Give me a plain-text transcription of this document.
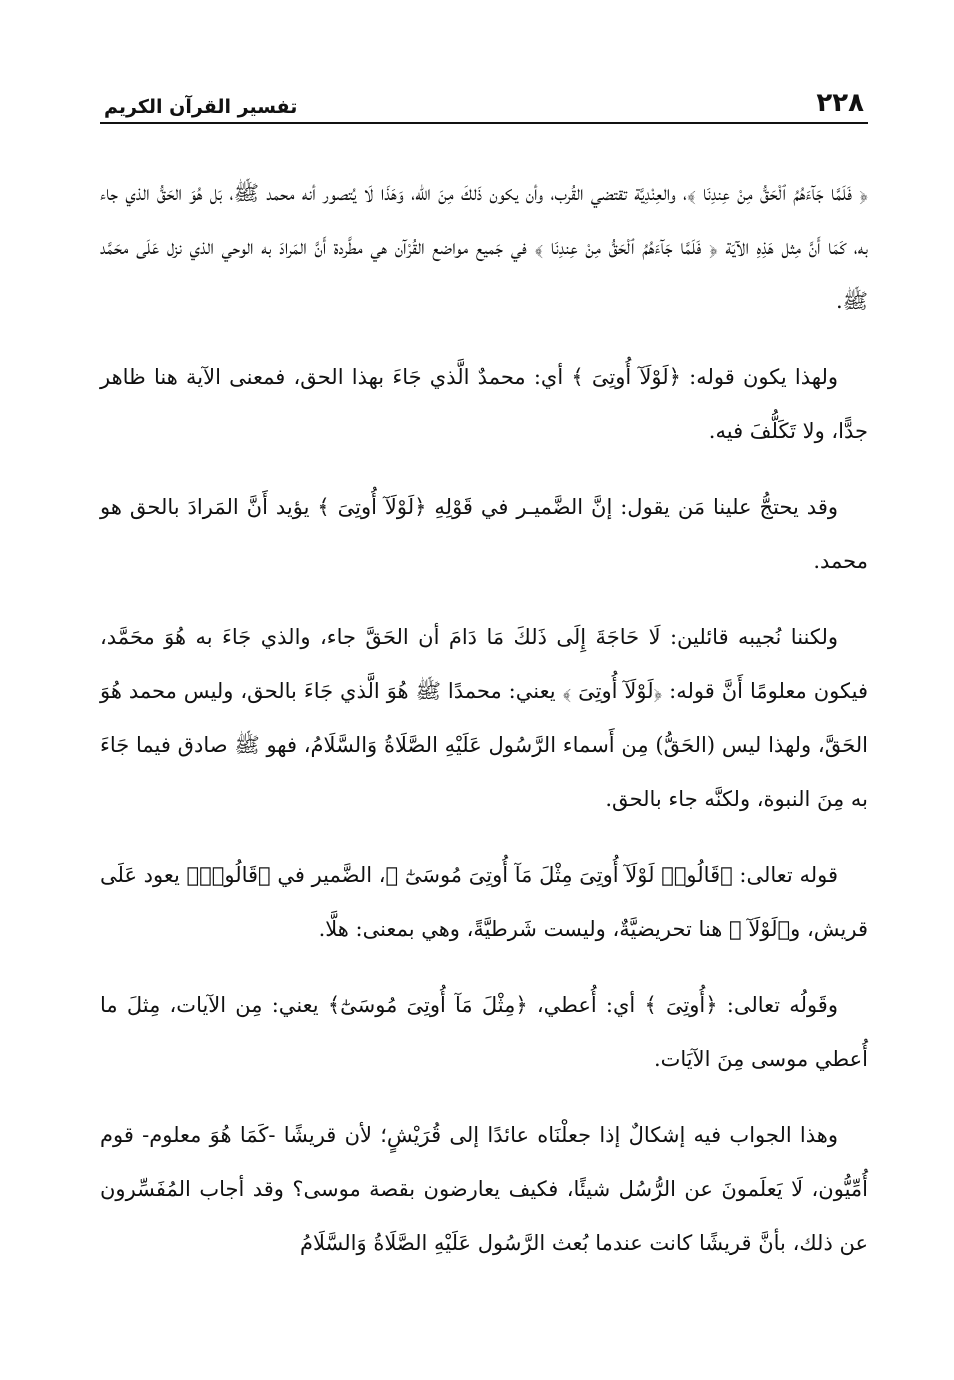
٢٢٨
تفسير القرآن الكريم

﴿ فَلَمَّا جَآءَهُمُ ٱلْحَقُّ مِنْ عِندِنَا ﴾، والعِنْدِيَّة تقتضي القُرب، وأن يكون ذَلكَ مِنَ الله، وَهَذَا لَا يُتصور أنه محمد ﷺ، بَل هُوَ الحَقُّ الذي جاء به، كَمَا أَنَّ مِثل هَذِهِ الآيَة ﴿ فَلَمَّا جَآءَهُمُ ٱلْحَقُّ مِنْ عِندِنَا ﴾ في جَميع مواضع القُرْآن هي مطَّردة أَنَّ المَرادَ به الوحي الذي نزل عَلَى محَمَّد ﷺ.

ولهذا يكون قوله: ﴿لَوْلَآ أُوتِىَ ﴾ أي: محمدٌ الَّذي جَاءَ بهذا الحق، فمعنى الآية هنا ظاهر جدًّا، ولا تَكَلُّفَ فيه.

وقد يحتجُّ علينا مَن يقول: إنَّ الضَّميـر في قَوْلِهِ ﴿لَوْلَآ أُوتِىَ ﴾ يؤيد أَنَّ المَرادَ بالحق هو محمد.

ولكننا نُجيبه قائلين: لَا حَاجَةَ إِلَى ذَلكَ مَا دَامَ أن الحَقَّ جاء، والذي جَاءَ به هُوَ محَمَّد، فيكون معلومًا أَنَّ قوله: ﴿لَوْلَآ أُوتِىَ ﴾ يعني: محمدًا ﷺ هُوَ الَّذي جَاءَ بالحق، وليس محمد هُوَ الحَقَّ، ولهذا ليس (الحَقُّ) مِن أَسماء الرَّسُول عَلَيْهِ الصَّلَاةُ وَالسَّلَامُ، فهو ﷺ صادق فيما جَاءَ به مِنَ النبوة، ولكنَّه جاء بالحق.

قوله تعالى: ﴿قَالُوا۟ لَوْلَآ أُوتِىَ مِثْلَ مَآ أُوتِىَ مُوسَىٰٓ ﴾، الضَّمير في ﴿قَالُوا۟﴾ يعود عَلَى قريش، و﴿لَوْلَآ ﴾ هنا تحريضيَّةٌ، وليست شَرطيَّةً، وهي بمعنى: هلَّا.

وقَولُه تعالى: ﴿أُوتِىَ ﴾ أي: أُعطي، ﴿مِثْلَ مَآ أُوتِىَ مُوسَىٰٓ﴾ يعني: مِن الآيات، مِثلَ ما أُعطي موسى مِنَ الآيَات.

وهذا الجواب فيه إشكالٌ إذا جعلْنَاه عائدًا إلى قُرَيْشٍ؛ لأن قريشًا -كَمَا هُوَ معلوم- قوم أُمِّيُّون، لَا يَعلَمونَ عن الرُّسُل شيئًا، فكيف يعارضون بقصة موسى؟ وقد أجاب المُفَسِّرون عن ذلك، بأنَّ قريشًا كانت عندما بُعث الرَّسُول عَلَيْهِ الصَّلَاةُ وَالسَّلَامُ
